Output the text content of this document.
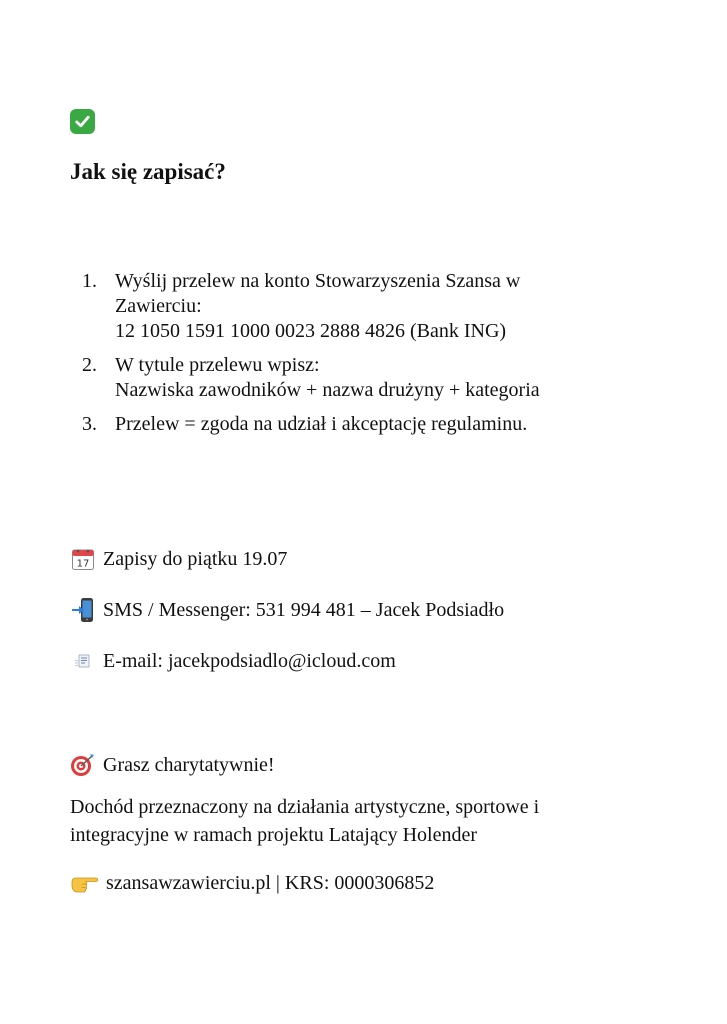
Jak się zapisać?
1. Wyślij przelew na konto Stowarzyszenia Szansa w
Zawierciu:
12 1050 1591 1000 0023 2888 4826 (Bank ING)
2. W tytule przelewu wpisz:
Nazwiska zawodników + nazwa drużyny + kategoria
3. Przelew = zgoda na udział i akceptację regulaminu.
17 Zapisy do piątku 19.07
SMS / Messenger: 531 994 481 – Jacek Podsiadło
E-mail: jacekpodsiadlo@icloud.com
Grasz charytatywnie!

Dochód przeznaczony na działania artystyczne, sportowe i
integracyjne w ramach projektu Latający Holender

szansawzawierciu.pl | KRS: 0000306852
